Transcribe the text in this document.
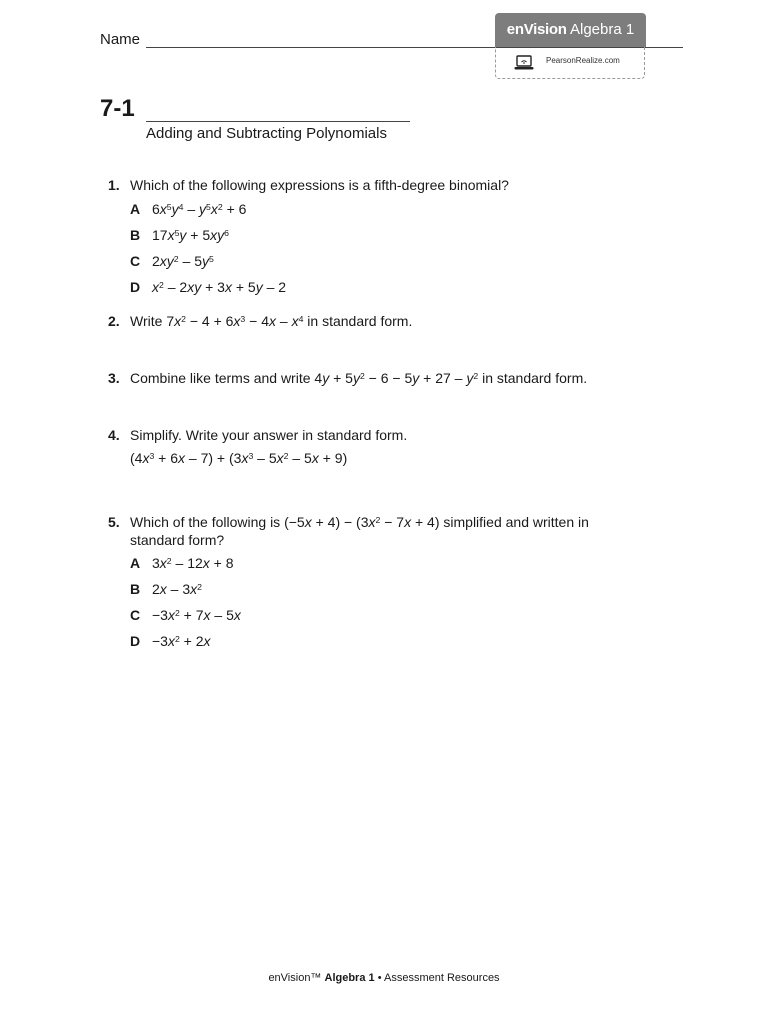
Name
enVision Algebra 1
PearsonRealize.com
7-1
Adding and Subtracting Polynomials
1. Which of the following expressions is a fifth-degree binomial?
A $6x^5y^4 - y^5x^2 + 6$
B $17x^5y + 5xy^6$
C $2xy^2 - 5y^5$
D $x^2 - 2xy + 3x + 5y - 2$
2. Write $7x^2 - 4 + 6x^3 - 4x - x^4$ in standard form.
3. Combine like terms and write $4y + 5y^2 - 6 - 5y + 27 - y^2$ in standard form.
4. Simplify. Write your answer in standard form.
$(4x^3 + 6x - 7) + (3x^3 - 5x^2 - 5x + 9)$
5. Which of the following is $(-5x + 4) - (3x^2 - 7x + 4)$ simplified and written in
standard form?
A $3x^2 - 12x + 8$
B $2x - 3x^2$
$C -3x^2 + 7x - 5x$
$D -3x^2 + 2x$
enVision™ Algebra 1 • Assessment Resources
